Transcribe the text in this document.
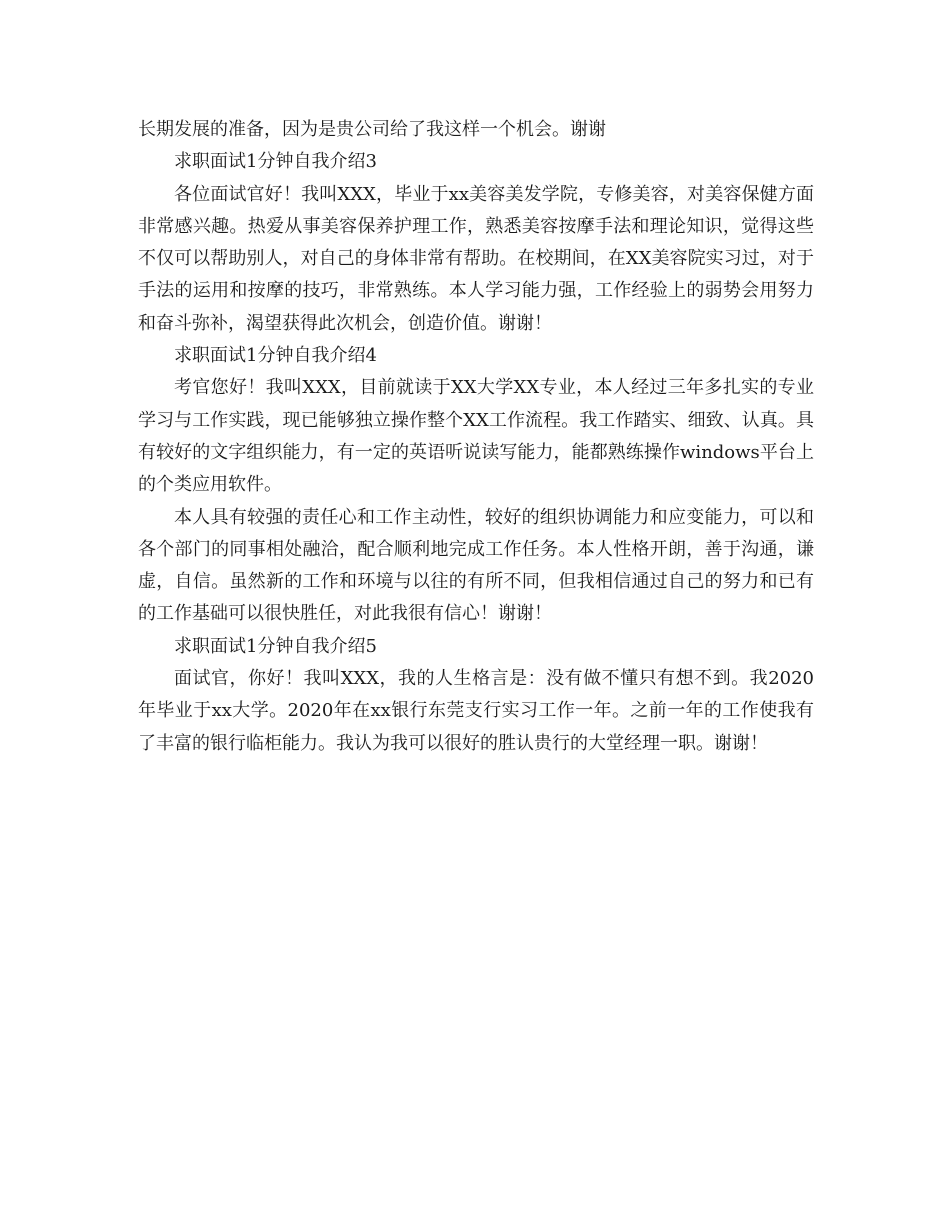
长期发展的准备，因为是贵公司给了我这样一个机会。谢谢

求职面试1分钟自我介绍3

各位面试官好！我叫XXX，毕业于xx美容美发学院，专修美容，对美容保健方面非常感兴趣。热爱从事美容保养护理工作，熟悉美容按摩手法和理论知识，觉得这些不仅可以帮助别人，对自己的身体非常有帮助。在校期间，在XX美容院实习过，对于手法的运用和按摩的技巧，非常熟练。本人学习能力强，工作经验上的弱势会用努力和奋斗弥补，渴望获得此次机会，创造价值。谢谢！

求职面试1分钟自我介绍4

考官您好！我叫XXX，目前就读于XX大学XX专业，本人经过三年多扎实的专业学习与工作实践，现已能够独立操作整个XX工作流程。我工作踏实、细致、认真。具有较好的文字组织能力，有一定的英语听说读写能力，能都熟练操作windows平台上的个类应用软件。

本人具有较强的责任心和工作主动性，较好的组织协调能力和应变能力，可以和各个部门的同事相处融洽，配合顺利地完成工作任务。本人性格开朗，善于沟通，谦虚，自信。虽然新的工作和环境与以往的有所不同，但我相信通过自己的努力和已有的工作基础可以很快胜任，对此我很有信心！谢谢！

求职面试1分钟自我介绍5

面试官，你好！我叫XXX，我的人生格言是：没有做不懂只有想不到。我2020年毕业于xx大学。2020年在xx银行东莞支行实习工作一年。之前一年的工作使我有了丰富的银行临柜能力。我认为我可以很好的胜认贵行的大堂经理一职。谢谢！
